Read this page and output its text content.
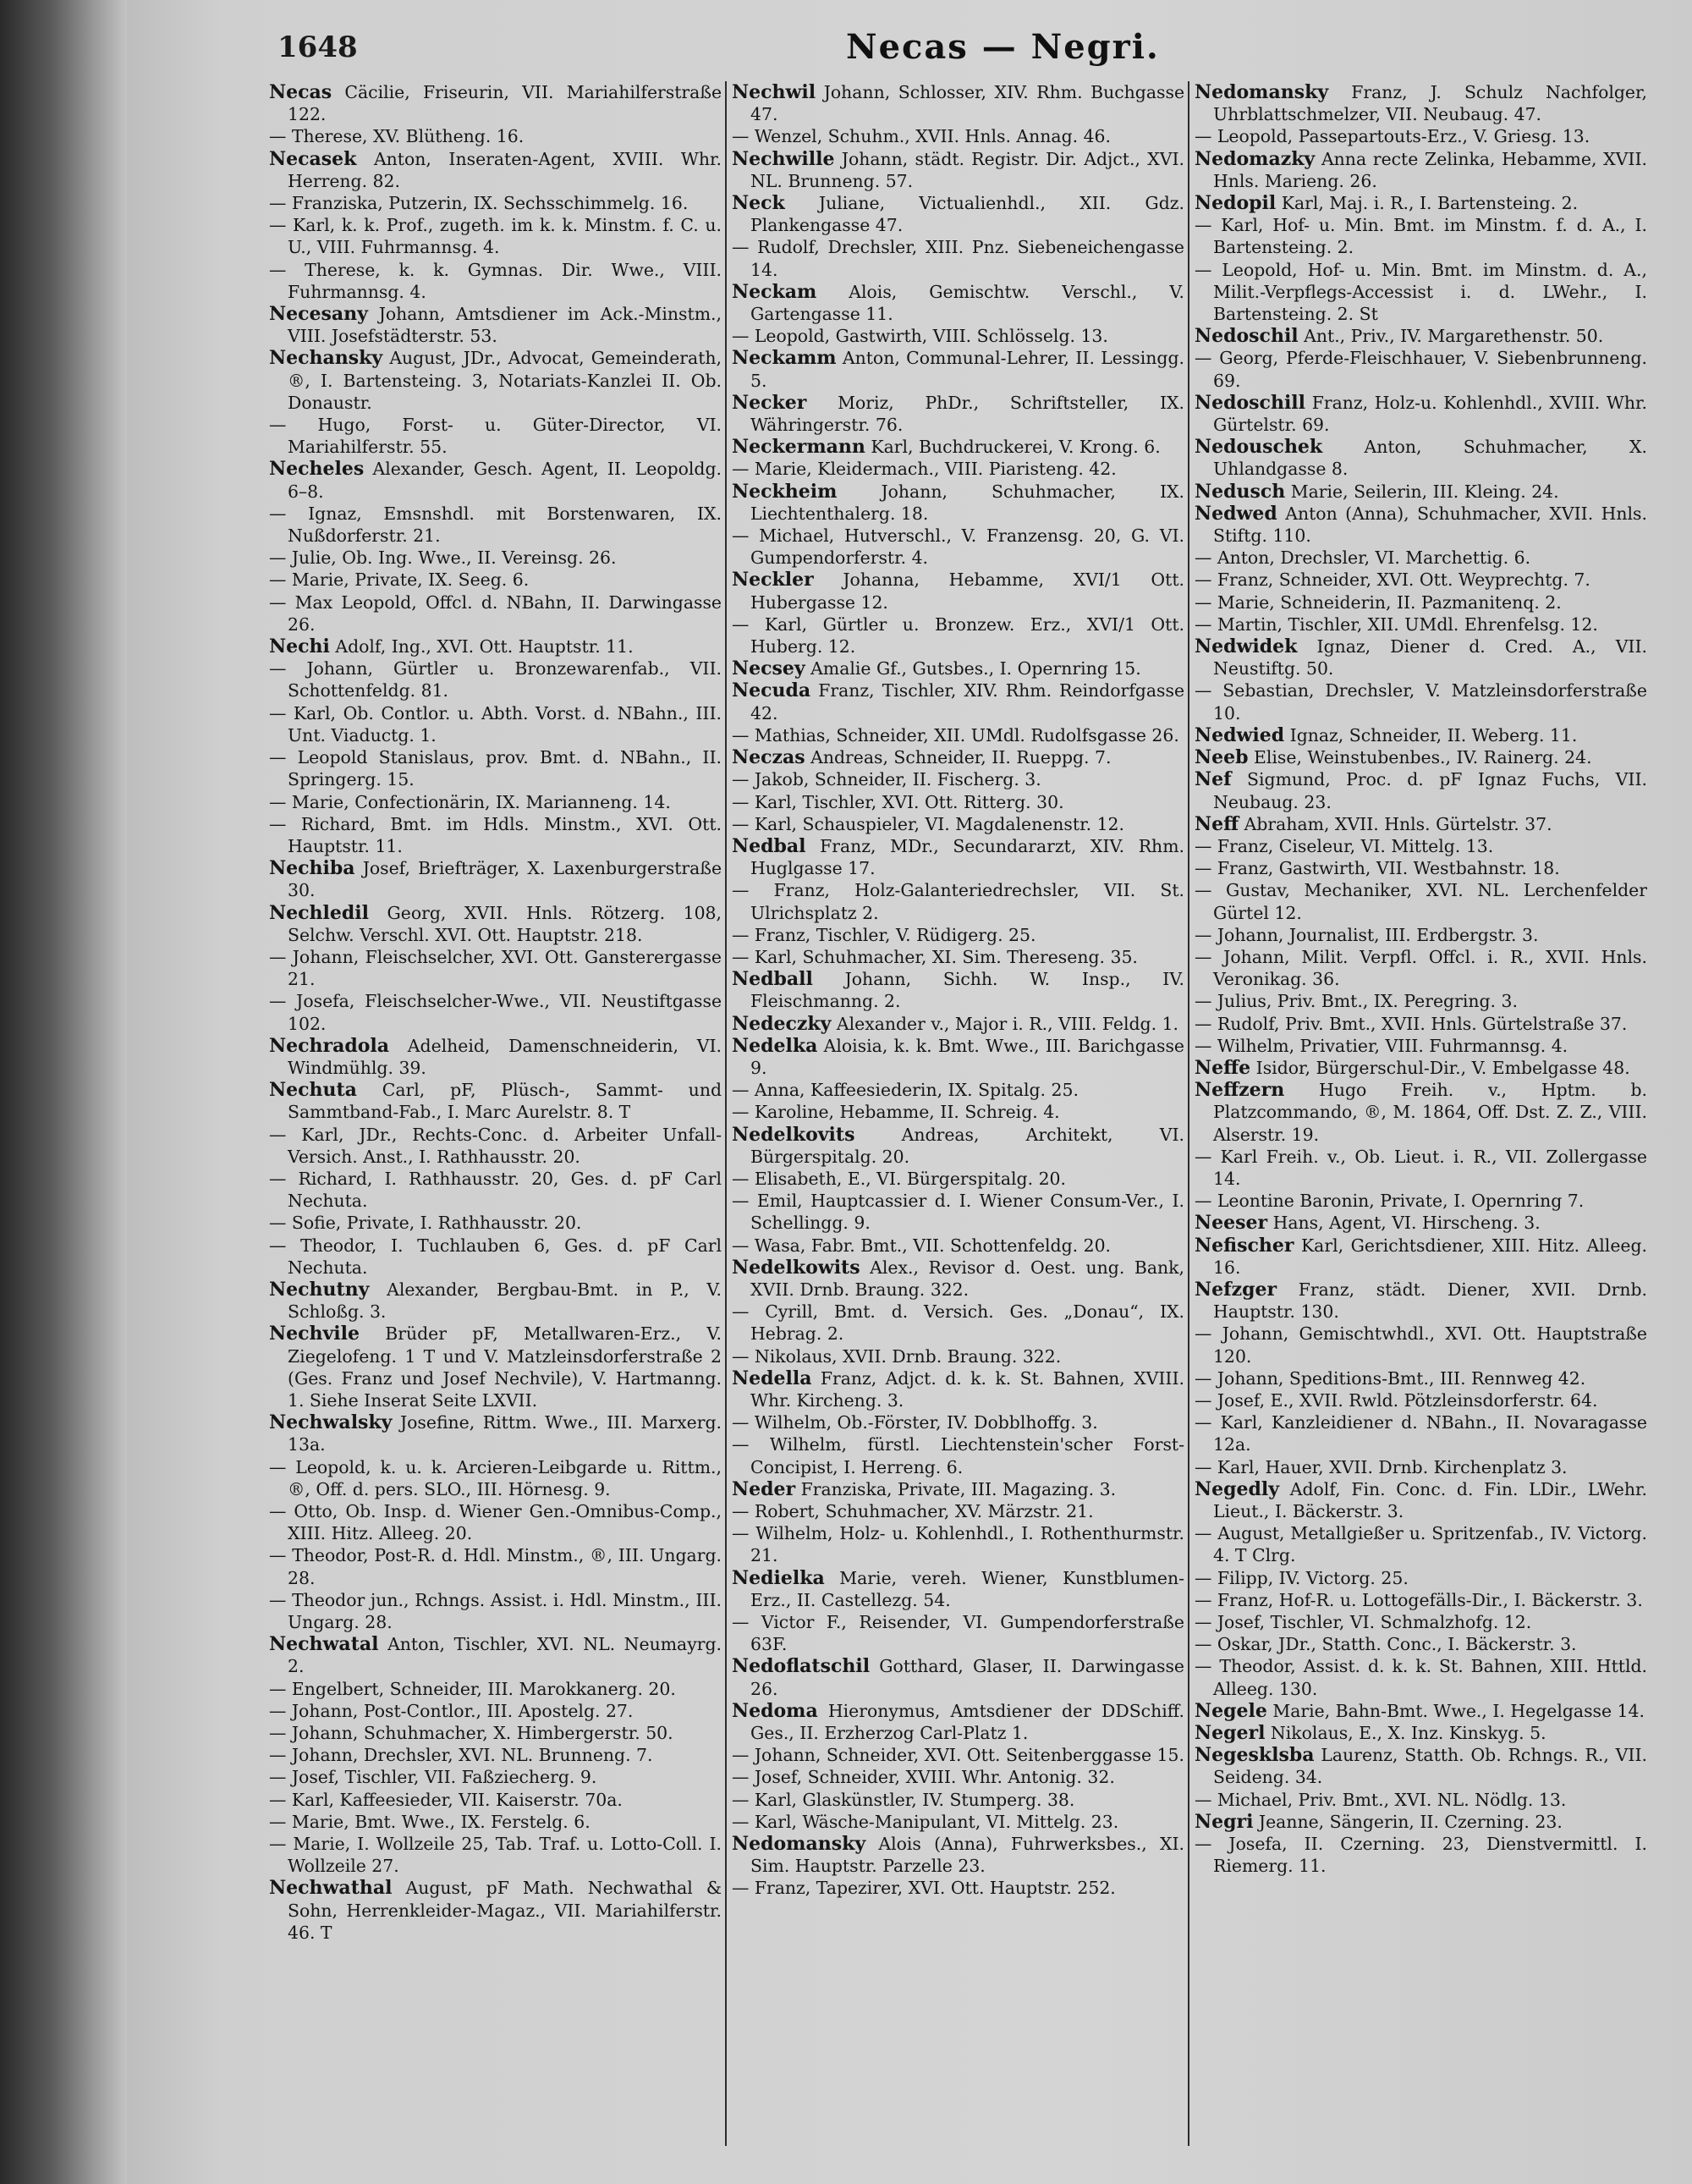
1648	Necas — Negri.

Necas Cäcilie, Friseurin, VII. Mariahilferstraße 122.

— Therese, XV. Blütheng. 16.

Necasek Anton, Inseraten-Agent, XVIII. Whr. Herreng. 82.

— Franziska, Putzerin, IX. Sechsschimmelg. 16.

— Karl, k. k. Prof., zugeth. im k. k. Minstm. f. C. u. U., VIII. Fuhrmannsg. 4.

— Therese, k. k. Gymnas. Dir. Wwe., VIII. Fuhrmannsg. 4.

Necesany Johann, Amtsdiener im Ack.-Minstm., VIII. Josefstädterstr. 53.

Nechansky August, JDr., Advocat, Gemeinderath, ®, I. Bartensteing. 3, Notariats-Kanzlei II. Ob. Donaustr.

— Hugo, Forst- u. Güter-Director, VI. Mariahilferstr. 55.

Necheles Alexander, Gesch. Agent, II. Leopoldg. 6–8.

— Ignaz, Emsnshdl. mit Borstenwaren, IX. Nußdorferstr. 21.

— Julie, Ob. Ing. Wwe., II. Vereinsg. 26.

— Marie, Private, IX. Seeg. 6.

— Max Leopold, Offcl. d. NBahn, II. Darwingasse 26.

Nechi Adolf, Ing., XVI. Ott. Hauptstr. 11.

— Johann, Gürtler u. Bronzewarenfab., VII. Schottenfeldg. 81.

— Karl, Ob. Contlor. u. Abth. Vorst. d. NBahn., III. Unt. Viaductg. 1.

— Leopold Stanislaus, prov. Bmt. d. NBahn., II. Springerg. 15.

— Marie, Confectionärin, IX. Marianneng. 14.

— Richard, Bmt. im Hdls. Minstm., XVI. Ott. Hauptstr. 11.

Nechiba Josef, Briefträger, X. Laxenburgerstraße 30.

Nechledil Georg, XVII. Hnls. Rötzerg. 108, Selchw. Verschl. XVI. Ott. Hauptstr. 218.

— Johann, Fleischselcher, XVI. Ott. Gansterergasse 21.

— Josefa, Fleischselcher-Wwe., VII. Neustiftgasse 102.

Nechradola Adelheid, Damenschneiderin, VI. Windmühlg. 39.

Nechuta Carl, pF, Plüsch-, Sammt- und Sammtband-Fab., I. Marc Aurelstr. 8. T

— Karl, JDr., Rechts-Conc. d. Arbeiter Unfall-Versich. Anst., I. Rathhausstr. 20.

— Richard, I. Rathhausstr. 20, Ges. d. pF Carl Nechuta.

— Sofie, Private, I. Rathhausstr. 20.

— Theodor, I. Tuchlauben 6, Ges. d. pF Carl Nechuta.

Nechutny Alexander, Bergbau-Bmt. in P., V. Schloßg. 3.

Nechvile Brüder pF, Metallwaren-Erz., V. Ziegelofeng. 1 T und V. Matzleinsdorferstraße 2 (Ges. Franz und Josef Nechvile), V. Hartmanng. 1. Siehe Inserat Seite LXVII.

Nechwalsky Josefine, Rittm. Wwe., III. Marxerg. 13a.

— Leopold, k. u. k. Arcieren-Leibgarde u. Rittm., ®, Off. d. pers. SLO., III. Hörnesg. 9.

— Otto, Ob. Insp. d. Wiener Gen.-Omnibus-Comp., XIII. Hitz. Alleeg. 20.

— Theodor, Post-R. d. Hdl. Minstm., ®, III. Ungarg. 28.

— Theodor jun., Rchngs. Assist. i. Hdl. Minstm., III. Ungarg. 28.

Nechwatal Anton, Tischler, XVI. NL. Neumayrg. 2.

— Engelbert, Schneider, III. Marokkanerg. 20.

— Johann, Post-Contlor., III. Apostelg. 27.

— Johann, Schuhmacher, X. Himbergerstr. 50.

— Johann, Drechsler, XVI. NL. Brunneng. 7.

— Josef, Tischler, VII. Faßziecherg. 9.

— Karl, Kaffeesieder, VII. Kaiserstr. 70a.

— Marie, Bmt. Wwe., IX. Ferstelg. 6.

— Marie, I. Wollzeile 25, Tab. Traf. u. Lotto-Coll. I. Wollzeile 27.

Nechwathal August, pF Math. Nechwathal & Sohn, Herrenkleider-Magaz., VII. Mariahilferstr. 46. T

Nechwil Johann, Schlosser, XIV. Rhm. Buchgasse 47.

— Wenzel, Schuhm., XVII. Hnls. Annag. 46.

Nechwille Johann, städt. Registr. Dir. Adjct., XVI. NL. Brunneng. 57.

Neck Juliane, Victualienhdl., XII. Gdz. Plankengasse 47.

— Rudolf, Drechsler, XIII. Pnz. Siebeneichengasse 14.

Neckam Alois, Gemischtw. Verschl., V. Gartengasse 11.

— Leopold, Gastwirth, VIII. Schlösselg. 13.

Neckamm Anton, Communal-Lehrer, II. Lessingg. 5.

Necker Moriz, PhDr., Schriftsteller, IX. Währingerstr. 76.

Neckermann Karl, Buchdruckerei, V. Krong. 6.

— Marie, Kleidermach., VIII. Piaristeng. 42.

Neckheim	Johann, Schuhmacher, IX. Liechtenthalerg. 18.

— Michael, Hutverschl., V. Franzensg. 20, G. VI. Gumpendorferstr. 4.

Neckler Johanna, Hebamme, XVI/1 Ott. Hubergasse 12.

— Karl, Gürtler u. Bronzew. Erz., XVI/1 Ott. Huberg. 12.

Necsey Amalie Gf., Gutsbes., I. Opernring 15.

Necuda Franz, Tischler, XIV. Rhm. Reindorfgasse 42.

— Mathias, Schneider, XII. UMdl. Rudolfsgasse 26.

Neczas Andreas, Schneider, II. Rueppg. 7.

— Jakob, Schneider, II. Fischerg. 3.

— Karl, Tischler, XVI. Ott. Ritterg. 30.

— Karl, Schauspieler, VI. Magdalenenstr. 12.

Nedbal Franz, MDr., Secundararzt, XIV. Rhm. Huglgasse 17.

— Franz, Holz-Galanteriedrechsler, VII. St. Ulrichsplatz 2.

— Franz, Tischler, V. Rüdigerg. 25.

— Karl, Schuhmacher, XI. Sim. Thereseng. 35.

Nedball Johann, Sichh. W. Insp., IV. Fleischmanng. 2.

Nedeczky Alexander v., Major i. R., VIII. Feldg. 1.

Nedelka Aloisia, k. k. Bmt. Wwe., III. Barichgasse 9.

— Anna, Kaffeesiederin, IX. Spitalg. 25.

— Karoline, Hebamme, II. Schreig. 4.

Nedelkovits	Andreas, Architekt, VI. Bürgerspitalg. 20.

— Elisabeth, E., VI. Bürgerspitalg. 20.

— Emil, Hauptcassier d. I. Wiener Consum-Ver., I. Schellingg. 9.

— Wasa, Fabr. Bmt., VII. Schottenfeldg. 20.

Nedelkowits Alex., Revisor d. Oest. ung. Bank, XVII. Drnb. Braung. 322.

— Cyrill, Bmt. d. Versich. Ges. „Donau“, IX. Hebrag. 2.

— Nikolaus, XVII. Drnb. Braung. 322.

Nedella Franz, Adjct. d. k. k. St. Bahnen, XVIII. Whr. Kircheng. 3.

— Wilhelm, Ob.-Förster, IV. Dobblhoffg. 3.

— Wilhelm, fürstl. Liechtenstein'scher Forst-Concipist, I. Herreng. 6.

Neder Franziska, Private, III. Magazing. 3.

— Robert, Schuhmacher, XV. Märzstr. 21.

— Wilhelm, Holz- u. Kohlenhdl., I. Rothenthurmstr. 21.

Nedielka Marie, vereh. Wiener, Kunstblumen-Erz., II. Castellezg. 54.

— Victor F., Reisender, VI. Gumpendorferstraße 63F.

Nedoflatschil Gotthard, Glaser, II. Darwingasse 26.

Nedoma Hieronymus, Amtsdiener der DDSchiff. Ges., II. Erzherzog Carl-Platz 1.

— Johann, Schneider, XVI. Ott. Seitenberggasse 15.

— Josef, Schneider, XVIII. Whr. Antonig. 32.

— Karl, Glaskünstler, IV. Stumperg. 38.

— Karl, Wäsche-Manipulant, VI. Mittelg. 23.

Nedomansky Alois (Anna), Fuhrwerksbes., XI. Sim. Hauptstr. Parzelle 23.

— Franz, Tapezirer, XVI. Ott. Hauptstr. 252.

Nedomansky Franz, J. Schulz Nachfolger, Uhrblattschmelzer, VII. Neubaug. 47.

— Leopold, Passepartouts-Erz., V. Griesg. 13.

Nedomazky Anna recte Zelinka, Hebamme, XVII. Hnls. Marieng. 26.

Nedopil Karl, Maj. i. R., I. Bartensteing. 2.

— Karl, Hof- u. Min. Bmt. im Minstm. f. d. A., I. Bartensteing. 2.

— Leopold, Hof- u. Min. Bmt. im Minstm. d. A., Milit.-Verpflegs-Accessist i. d. LWehr., I. Bartensteing. 2. St

Nedoschil Ant., Priv., IV. Margarethenstr. 50.

— Georg, Pferde-Fleischhauer, V. Siebenbrunneng. 69.

Nedoschill Franz, Holz-u. Kohlenhdl., XVIII. Whr. Gürtelstr. 69.

Nedouschek Anton, Schuhmacher, X. Uhlandgasse 8.

Nedusch Marie, Seilerin, III. Kleing. 24.

Nedwed Anton (Anna), Schuhmacher, XVII. Hnls. Stiftg. 110.

— Anton, Drechsler, VI. Marchettig. 6.

— Franz, Schneider, XVI. Ott. Weyprechtg. 7.

— Marie, Schneiderin, II. Pazmanitenq. 2.

— Martin, Tischler, XII. UMdl. Ehrenfelsg. 12.

Nedwidek Ignaz, Diener d. Cred. A., VII. Neustiftg. 50.

— Sebastian, Drechsler, V. Matzleinsdorferstraße 10.

Nedwied Ignaz, Schneider, II. Weberg. 11.

Neeb Elise, Weinstubenbes., IV. Rainerg. 24.

Nef Sigmund, Proc. d. pF Ignaz Fuchs, VII. Neubaug. 23.

Neff Abraham, XVII. Hnls. Gürtelstr. 37.

— Franz, Ciseleur, VI. Mittelg. 13.

— Franz, Gastwirth, VII. Westbahnstr. 18.

— Gustav, Mechaniker, XVI. NL. Lerchenfelder Gürtel 12.

— Johann, Journalist, III. Erdbergstr. 3.

— Johann, Milit. Verpfl. Offcl. i. R., XVII. Hnls. Veronikag. 36.

— Julius, Priv. Bmt., IX. Peregring. 3.

— Rudolf, Priv. Bmt., XVII. Hnls. Gürtelstraße 37.

— Wilhelm, Privatier, VIII. Fuhrmannsg. 4.

Neffe Isidor, Bürgerschul-Dir., V. Embelgasse 48.

Neffzern Hugo Freih. v., Hptm. b. Platzcommando, ®, M. 1864, Off. Dst. Z. Z., VIII. Alserstr. 19.

— Karl Freih. v., Ob. Lieut. i. R., VII. Zollergasse 14.

— Leontine Baronin, Private, I. Opernring 7.

Neeser Hans, Agent, VI. Hirscheng. 3.

Nefischer Karl, Gerichtsdiener, XIII. Hitz. Alleeg. 16.

Nefzger Franz, städt. Diener, XVII. Drnb. Hauptstr. 130.

— Johann, Gemischtwhdl., XVI. Ott. Hauptstraße 120.

— Johann, Speditions-Bmt., III. Rennweg 42.

— Josef, E., XVII. Rwld. Pötzleinsdorferstr. 64.

— Karl, Kanzleidiener d. NBahn., II. Novaragasse 12a.

— Karl, Hauer, XVII. Drnb. Kirchenplatz 3.

Negedly Adolf, Fin. Conc. d. Fin. LDir., LWehr. Lieut., I. Bäckerstr. 3.

— August, Metallgießer u. Spritzenfab., IV. Victorg. 4. T Clrg.

— Filipp, IV. Victorg. 25.

— Franz, Hof-R. u. Lottogefälls-Dir., I. Bäckerstr. 3.

— Josef, Tischler, VI. Schmalzhofg. 12.

— Oskar, JDr., Statth. Conc., I. Bäckerstr. 3.

— Theodor, Assist. d. k. k. St. Bahnen, XIII. Httld. Alleeg. 130.

Negele Marie, Bahn-Bmt. Wwe., I. Hegelgasse 14.

Negerl Nikolaus, E., X. Inz. Kinskyg. 5.

Negesklsba Laurenz, Statth. Ob. Rchngs. R., VII. Seideng. 34.

— Michael, Priv. Bmt., XVI. NL. Nödlg. 13.

Negri Jeanne, Sängerin, II. Czerning. 23.

— Josefa, II. Czerning. 23, Dienstvermittl. I. Riemerg. 11.
